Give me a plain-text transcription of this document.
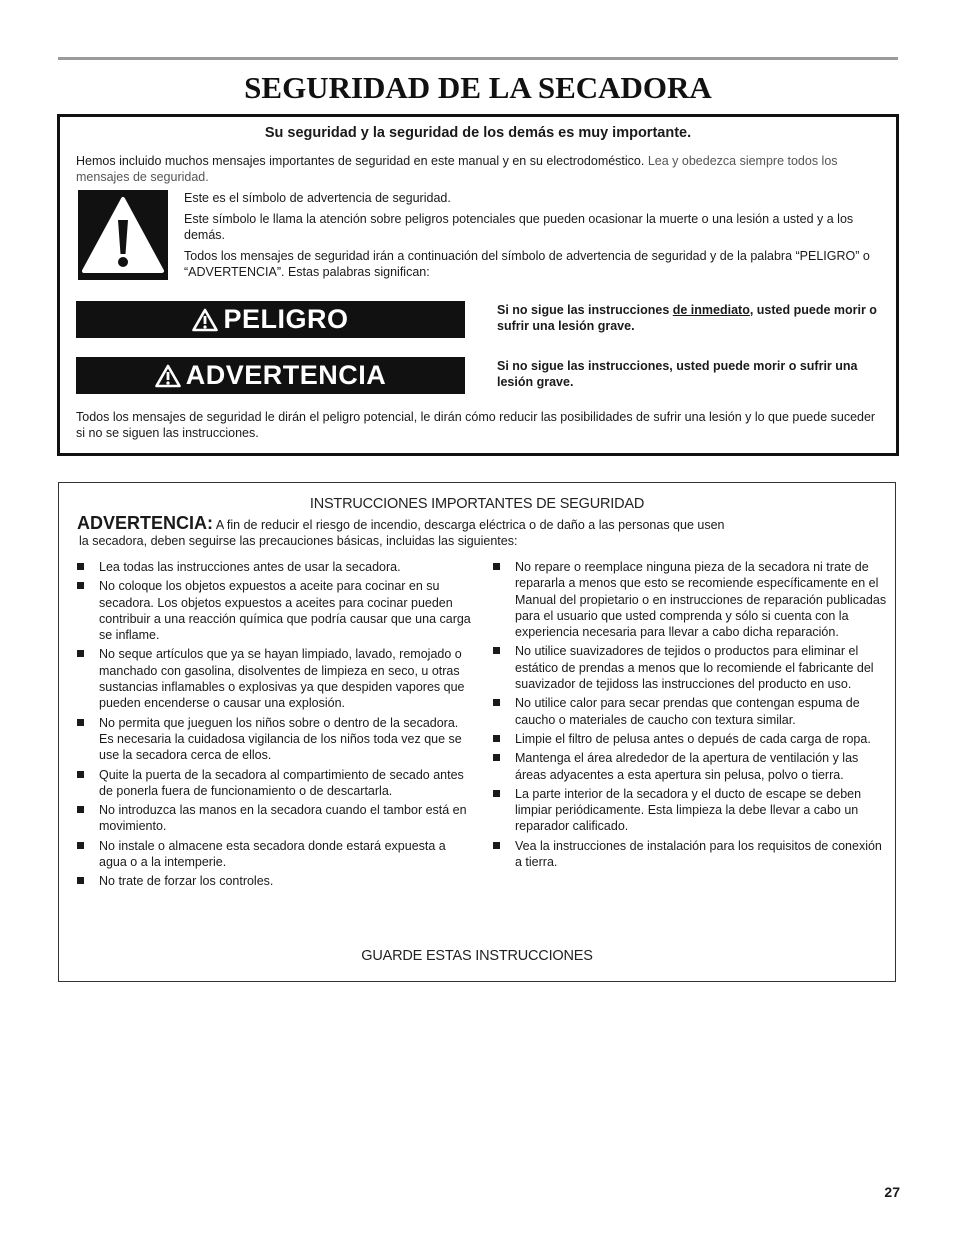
SEGURIDAD DE LA SECADORA
Su seguridad y la seguridad de los demás es muy importante.
Hemos incluido muchos mensajes importantes de seguridad en este manual y en su electrodoméstico. Lea y obedezca siempre todos los mensajes de seguridad.

Este es el símbolo de advertencia de seguridad.

Este símbolo le llama la atención sobre peligros potenciales que pueden ocasionar la muerte o una lesión a usted y a los demás.

Todos los mensajes de seguridad irán a continuación del símbolo de advertencia de seguridad y de la palabra “PELIGRO” o “ADVERTENCIA”. Estas palabras significan:

PELIGRO	Si no sigue las instrucciones de inmediato, usted puede morir o sufrir una lesión grave.
ADVERTENCIA	Si no sigue las instrucciones, usted puede morir o sufrir una lesión grave.
Todos los mensajes de seguridad le dirán el peligro potencial, le dirán cómo reducir las posibilidades de sufrir una lesión y lo que puede suceder si no se siguen las instrucciones.
INSTRUCCIONES IMPORTANTES DE SEGURIDAD
ADVERTENCIA: A fin de reducir el riesgo de incendio, descarga eléctrica o de daño a las personas que usen
la secadora, deben seguirse las precauciones básicas, incluidas las siguientes:
Lea todas las instrucciones antes de usar la secadora.
No coloque los objetos expuestos a aceite para cocinar en su secadora. Los objetos expuestos a aceites para cocinar pueden contribuir a una reacción química que podría causar que una carga se inflame.
No seque artículos que ya se hayan limpiado, lavado, remojado o manchado con gasolina, disolventes de limpieza en seco, u otras sustancias inflamables o explosivas ya que despiden vapores que pueden encenderse o causar una explosión.
No permita que jueguen los niños sobre o dentro de la secadora. Es necesaria la cuidadosa vigilancia de los niños toda vez que se use la secadora cerca de ellos.
Quite la puerta de la secadora al compartimiento de secado antes de ponerla fuera de funcionamiento o de descartarla.
No introduzca las manos en la secadora cuando el tambor está en movimiento.
No instale o almacene esta secadora donde estará expuesta a agua o a la intemperie.
No trate de forzar los controles.
No repare o reemplace ninguna pieza de la secadora ni trate de repararla a menos que esto se recomiende específicamente en el Manual del propietario o en instrucciones de reparación publicadas para el usuario que usted comprenda y sólo si cuenta con la experiencia necesaria para llevar a cabo dicha reparación.
No utilice suavizadores de tejidos o productos para eliminar el estático de prendas a menos que lo recomiende el fabricante del suavizador de tejidoss las instrucciones del producto en uso.
No utilice calor para secar prendas que contengan espuma de caucho o materiales de caucho con textura similar.
Limpie el filtro de pelusa antes o depués de cada carga de ropa.
Mantenga el área alrededor de la apertura de ventilación y las áreas adyacentes a esta apertura sin pelusa, polvo o tierra.
La parte interior de la secadora y el ducto de escape se deben limpiar periódicamente. Esta limpieza la debe llevar a cabo un reparador calificado.
Vea la instrucciones de instalación para los requisitos de conexión a tierra.
GUARDE ESTAS INSTRUCCIONES
27
